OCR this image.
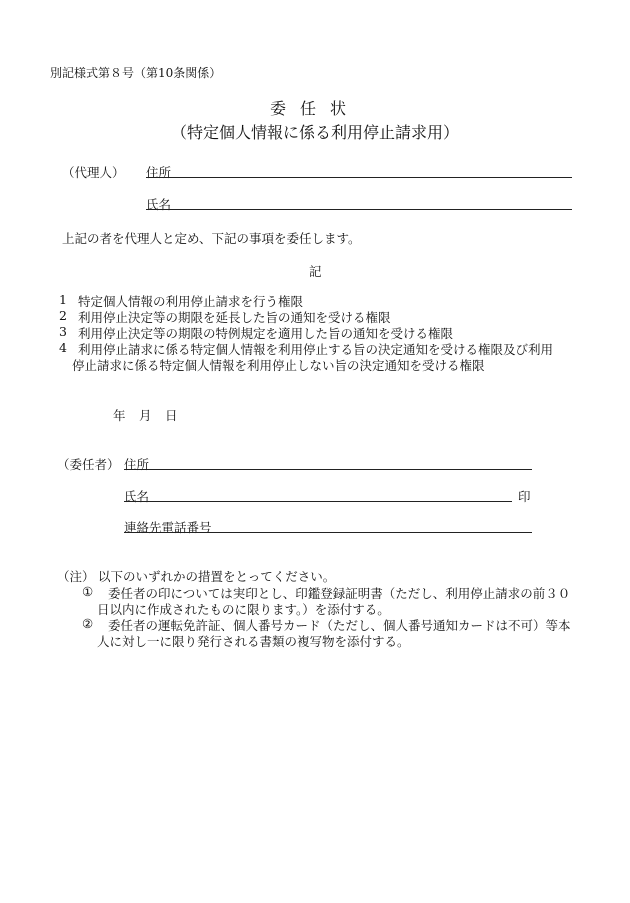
別記様式第８号（第10条関係）
委任状
（特定個人情報に係る利用停止請求用）
（代理人） 住所
氏名
上記の者を代理人と定め、下記の事項を委任します。
記
1 特定個人情報の利用停止請求を行う権限
2 利用停止決定等の期限を延長した旨の通知を受ける権限
3 利用停止決定等の期限の特例規定を適用した旨の通知を受ける権限
4 利用停止請求に係る特定個人情報を利用停止する旨の決定通知を受ける権限及び利用
停止請求に係る特定個人情報を利用停止しない旨の決定通知を受ける権限
年 月 日
（委任者） 住所
氏名	印
連絡先電話番号
（注） 以下のいずれかの措置をとってください。
① 委任者の印については実印とし、印鑑登録証明書（ただし、利用停止請求の前３０
日以内に作成されたものに限ります。）を添付する。
② 委任者の運転免許証、個人番号カード（ただし、個人番号通知カードは不可）等本
人に対し一に限り発行される書類の複写物を添付する。
